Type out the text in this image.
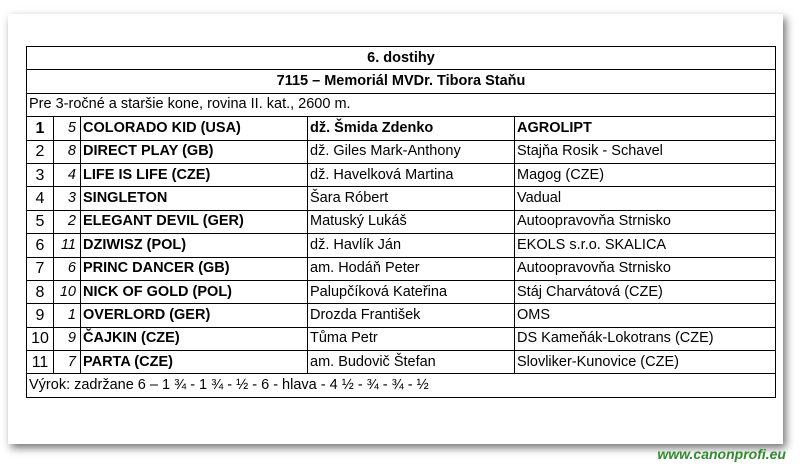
6. dostihy				
7115 – Memoriál MVDr. Tibora Staňu				
Pre 3-ročné a staršie kone, rovina II. kat., 2600 m.				
1	5	COLORADO KID (USA)	dž. Šmida Zdenko	AGROLIPT
2	8	DIRECT PLAY (GB)	dž. Giles Mark-Anthony	Stajňa Rosik - Schavel
3	4	LIFE IS LIFE (CZE)	dž. Havelková Martina	Magog (CZE)
4	3	SINGLETON	Šara Róbert	Vadual
5	2	ELEGANT DEVIL (GER)	Matuský Lukáš	Autoopravovňa Strnisko
6	11	DZIWISZ (POL)	dž. Havlík Ján	EKOLS s.r.o. SKALICA
7	6	PRINC DANCER (GB)	am. Hodáň Peter	Autoopravovňa Strnisko
8	10	NICK OF GOLD (POL)	Palupčíková Kateřina	Stáj Charvátová (CZE)
9	1	OVERLORD (GER)	Drozda František	OMS
10	9	ČAJKIN (CZE)	Tůma Petr	DS Kameňák-Lokotrans (CZE)
11	7	PARTA (CZE)	am. Budovič Štefan	Slovliker-Kunovice (CZE)
Výrok: zadržane 6 – 1 ¾ - 1 ¾ - ½ - 6 - hlava - 4 ½ - ¾ - ¾ - ½				
www.canonprofi.eu
